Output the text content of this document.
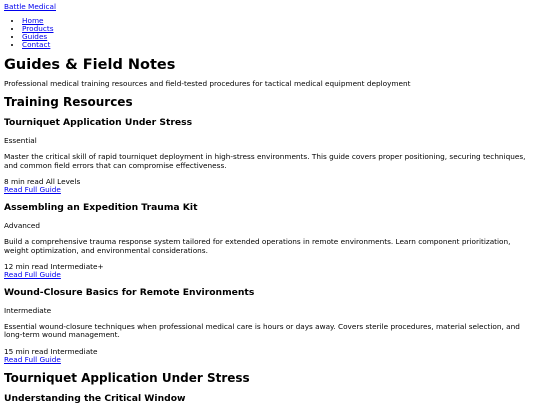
Battle Medical
• Home
• Products
• Guides
• Contact
Guides & Field Notes

Professional medical training resources and field-tested procedures for tactical medical equipment deployment

Training Resources
Tourniquet Application Under Stress

Essential

Master the critical skill of rapid tourniquet deployment in high-stress environments. This guide covers proper positioning, securing techniques, and common field errors that can compromise effectiveness.

8 min read All Levels
Read Full Guide
Assembling an Expedition Trauma Kit

Advanced

Build a comprehensive trauma response system tailored for extended operations in remote environments. Learn component prioritization, weight optimization, and environmental considerations.

12 min read Intermediate+
Read Full Guide
Wound-Closure Basics for Remote Environments

Intermediate

Essential wound-closure techniques when professional medical care is hours or days away. Covers sterile procedures, material selection, and long-term wound management.

15 min read Intermediate
Read Full Guide
Tourniquet Application Under Stress
Understanding the Critical Window
